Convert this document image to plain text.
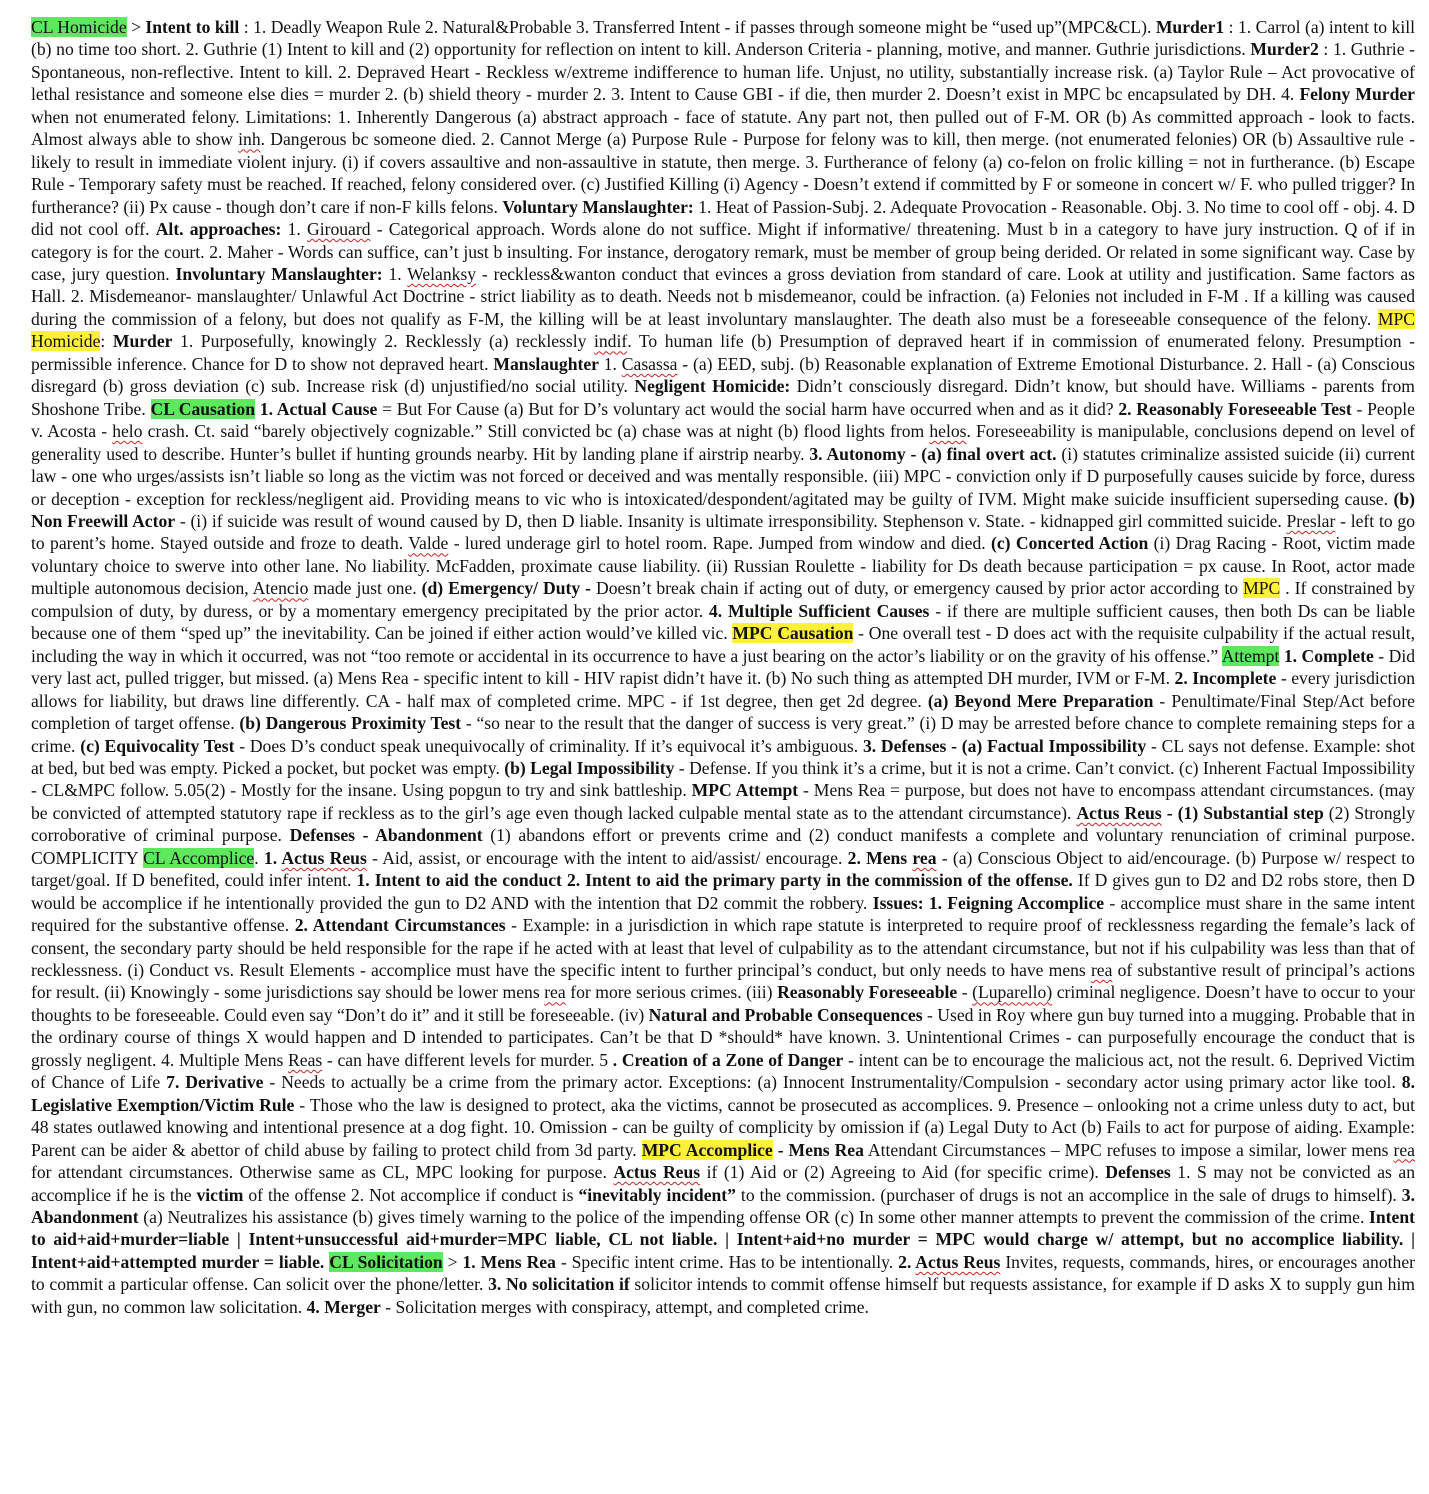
CL Homicide > Intent to kill : 1. Deadly Weapon Rule 2. Natural&Probable 3. Transferred Intent - if passes through someone might be “used up”(MPC&CL). Murder1 : 1. Carrol (a) intent to kill (b) no time too short. 2. Guthrie (1) Intent to kill and (2) opportunity for reflection on intent to kill. Anderson Criteria - planning, motive, and manner. Guthrie jurisdictions. Murder2 : 1. Guthrie - Spontaneous, non-reflective. Intent to kill. 2. Depraved Heart - Reckless w/extreme indifference to human life. Unjust, no utility, substantially increase risk. (a) Taylor Rule – Act provocative of lethal resistance and someone else dies = murder 2. (b) shield theory - murder 2. 3. Intent to Cause GBI - if die, then murder 2. Doesn’t exist in MPC bc encapsulated by DH. 4. Felony Murder when not enumerated felony. Limitations: 1. Inherently Dangerous (a) abstract approach - face of statute. Any part not, then pulled out of F-M. OR (b) As committed approach - look to facts. Almost always able to show inh. Dangerous bc someone died. 2. Cannot Merge (a) Purpose Rule - Purpose for felony was to kill, then merge. (not enumerated felonies) OR (b) Assaultive rule - likely to result in immediate violent injury. (i) if covers assaultive and non-assaultive in statute, then merge. 3. Furtherance of felony (a) co-felon on frolic killing = not in furtherance. (b) Escape Rule - Temporary safety must be reached. If reached, felony considered over. (c) Justified Killing (i) Agency - Doesn’t extend if committed by F or someone in concert w/ F. who pulled trigger? In furtherance? (ii) Px cause - though don’t care if non-F kills felons. Voluntary Manslaughter: 1. Heat of Passion-Subj. 2. Adequate Provocation - Reasonable. Obj. 3. No time to cool off - obj. 4. D did not cool off. Alt. approaches: 1. Girouard - Categorical approach. Words alone do not suffice. Might if informative/ threatening. Must b in a category to have jury instruction. Q of if in category is for the court. 2. Maher - Words can suffice, can’t just b insulting. For instance, derogatory remark, must be member of group being derided. Or related in some significant way. Case by case, jury question. Involuntary Manslaughter: 1. Welanksy - reckless&wanton conduct that evinces a gross deviation from standard of care. Look at utility and justification. Same factors as Hall. 2. Misdemeanor- manslaughter/ Unlawful Act Doctrine - strict liability as to death. Needs not b misdemeanor, could be infraction. (a) Felonies not included in F-M . If a killing was caused during the commission of a felony, but does not qualify as F-M, the killing will be at least involuntary manslaughter. The death also must be a foreseeable consequence of the felony. MPC Homicide: Murder 1. Purposefully, knowingly 2. Recklessly (a) recklessly indif. To human life (b) Presumption of depraved heart if in commission of enumerated felony. Presumption - permissible inference. Chance for D to show not depraved heart. Manslaughter 1. Casassa - (a) EED, subj. (b) Reasonable explanation of Extreme Emotional Disturbance. 2. Hall - (a) Conscious disregard (b) gross deviation (c) sub. Increase risk (d) unjustified/no social utility. Negligent Homicide: Didn’t consciously disregard. Didn’t know, but should have. Williams - parents from Shoshone Tribe. CL Causation 1. Actual Cause = But For Cause (a) But for D’s voluntary act would the social harm have occurred when and as it did? 2. Reasonably Foreseeable Test - People v. Acosta - helo crash. Ct. said “barely objectively cognizable.” Still convicted bc (a) chase was at night (b) flood lights from helos. Foreseeability is manipulable, conclusions depend on level of generality used to describe. Hunter’s bullet if hunting grounds nearby. Hit by landing plane if airstrip nearby. 3. Autonomy - (a) final overt act. (i) statutes criminalize assisted suicide (ii) current law - one who urges/assists isn’t liable so long as the victim was not forced or deceived and was mentally responsible. (iii) MPC - conviction only if D purposefully causes suicide by force, duress or deception - exception for reckless/negligent aid. Providing means to vic who is intoxicated/despondent/agitated may be guilty of IVM. Might make suicide insufficient superseding cause. (b) Non Freewill Actor - (i) if suicide was result of wound caused by D, then D liable. Insanity is ultimate irresponsibility. Stephenson v. State. - kidnapped girl committed suicide. Preslar - left to go to parent’s home. Stayed outside and froze to death. Valde - lured underage girl to hotel room. Rape. Jumped from window and died. (c) Concerted Action (i) Drag Racing - Root, victim made voluntary choice to swerve into other lane. No liability. McFadden, proximate cause liability. (ii) Russian Roulette - liability for Ds death because participation = px cause. In Root, actor made multiple autonomous decision, Atencio made just one. (d) Emergency/ Duty - Doesn’t break chain if acting out of duty, or emergency caused by prior actor according to MPC . If constrained by compulsion of duty, by duress, or by a momentary emergency precipitated by the prior actor. 4. Multiple Sufficient Causes - if there are multiple sufficient causes, then both Ds can be liable because one of them “sped up” the inevitability. Can be joined if either action would’ve killed vic. MPC Causation - One overall test - D does act with the requisite culpability if the actual result, including the way in which it occurred, was not “too remote or accidental in its occurrence to have a just bearing on the actor’s liability or on the gravity of his offense.” Attempt 1. Complete - Did very last act, pulled trigger, but missed. (a) Mens Rea - specific intent to kill - HIV rapist didn’t have it. (b) No such thing as attempted DH murder, IVM or F-M. 2. Incomplete - every jurisdiction allows for liability, but draws line differently. CA - half max of completed crime. MPC - if 1st degree, then get 2d degree. (a) Beyond Mere Preparation - Penultimate/Final Step/Act before completion of target offense. (b) Dangerous Proximity Test - “so near to the result that the danger of success is very great.” (i) D may be arrested before chance to complete remaining steps for a crime. (c) Equivocality Test - Does D’s conduct speak unequivocally of criminality. If it’s equivocal it’s ambiguous. 3. Defenses - (a) Factual Impossibility - CL says not defense. Example: shot at bed, but bed was empty. Picked a pocket, but pocket was empty. (b) Legal Impossibility - Defense. If you think it’s a crime, but it is not a crime. Can’t convict. (c) Inherent Factual Impossibility - CL&MPC follow. 5.05(2) - Mostly for the insane. Using popgun to try and sink battleship. MPC Attempt - Mens Rea = purpose, but does not have to encompass attendant circumstances. (may be convicted of attempted statutory rape if reckless as to the girl’s age even though lacked culpable mental state as to the attendant circumstance). Actus Reus - (1) Substantial step (2) Strongly corroborative of criminal purpose. Defenses - Abandonment (1) abandons effort or prevents crime and (2) conduct manifests a complete and voluntary renunciation of criminal purpose. COMPLICITY CL Accomplice. 1. Actus Reus - Aid, assist, or encourage with the intent to aid/assist/ encourage. 2. Mens rea - (a) Conscious Object to aid/encourage. (b) Purpose w/ respect to target/goal. If D benefited, could infer intent. 1. Intent to aid the conduct 2. Intent to aid the primary party in the commission of the offense. If D gives gun to D2 and D2 robs store, then D would be accomplice if he intentionally provided the gun to D2 AND with the intention that D2 commit the robbery. Issues: 1. Feigning Accomplice - accomplice must share in the same intent required for the substantive offense. 2. Attendant Circumstances - Example: in a jurisdiction in which rape statute is interpreted to require proof of recklessness regarding the female’s lack of consent, the secondary party should be held responsible for the rape if he acted with at least that level of culpability as to the attendant circumstance, but not if his culpability was less than that of recklessness. (i) Conduct vs. Result Elements - accomplice must have the specific intent to further principal’s conduct, but only needs to have mens rea of substantive result of principal’s actions for result. (ii) Knowingly - some jurisdictions say should be lower mens rea for more serious crimes. (iii) Reasonably Foreseeable - (Luparello) criminal negligence. Doesn’t have to occur to your thoughts to be foreseeable. Could even say “Don’t do it” and it still be foreseeable. (iv) Natural and Probable Consequences - Used in Roy where gun buy turned into a mugging. Probable that in the ordinary course of things X would happen and D intended to participates. Can’t be that D *should* have known. 3. Unintentional Crimes - can purposefully encourage the conduct that is grossly negligent. 4. Multiple Mens Reas - can have different levels for murder. 5 . Creation of a Zone of Danger - intent can be to encourage the malicious act, not the result. 6. Deprived Victim of Chance of Life 7. Derivative - Needs to actually be a crime from the primary actor. Exceptions: (a) Innocent Instrumentality/Compulsion - secondary actor using primary actor like tool. 8. Legislative Exemption/Victim Rule - Those who the law is designed to protect, aka the victims, cannot be prosecuted as accomplices. 9. Presence – onlooking not a crime unless duty to act, but 48 states outlawed knowing and intentional presence at a dog fight. 10. Omission - can be guilty of complicity by omission if (a) Legal Duty to Act (b) Fails to act for purpose of aiding. Example: Parent can be aider & abettor of child abuse by failing to protect child from 3d party. MPC Accomplice - Mens Rea Attendant Circumstances – MPC refuses to impose a similar, lower mens rea for attendant circumstances. Otherwise same as CL, MPC looking for purpose. Actus Reus if (1) Aid or (2) Agreeing to Aid (for specific crime). Defenses 1. S may not be convicted as an accomplice if he is the victim of the offense 2. Not accomplice if conduct is “inevitably incident” to the commission. (purchaser of drugs is not an accomplice in the sale of drugs to himself). 3. Abandonment (a) Neutralizes his assistance (b) gives timely warning to the police of the impending offense OR (c) In some other manner attempts to prevent the commission of the crime. Intent to aid+aid+murder=liable | Intent+unsuccessful aid+murder=MPC liable, CL not liable. | Intent+aid+no murder = MPC would charge w/ attempt, but no accomplice liability. | Intent+aid+attempted murder = liable. CL Solicitation > 1. Mens Rea - Specific intent crime. Has to be intentionally. 2. Actus Reus Invites, requests, commands, hires, or encourages another to commit a particular offense. Can solicit over the phone/letter. 3. No solicitation if solicitor intends to commit offense himself but requests assistance, for example if D asks X to supply gun him with gun, no common law solicitation. 4. Merger - Solicitation merges with conspiracy, attempt, and completed crime.
